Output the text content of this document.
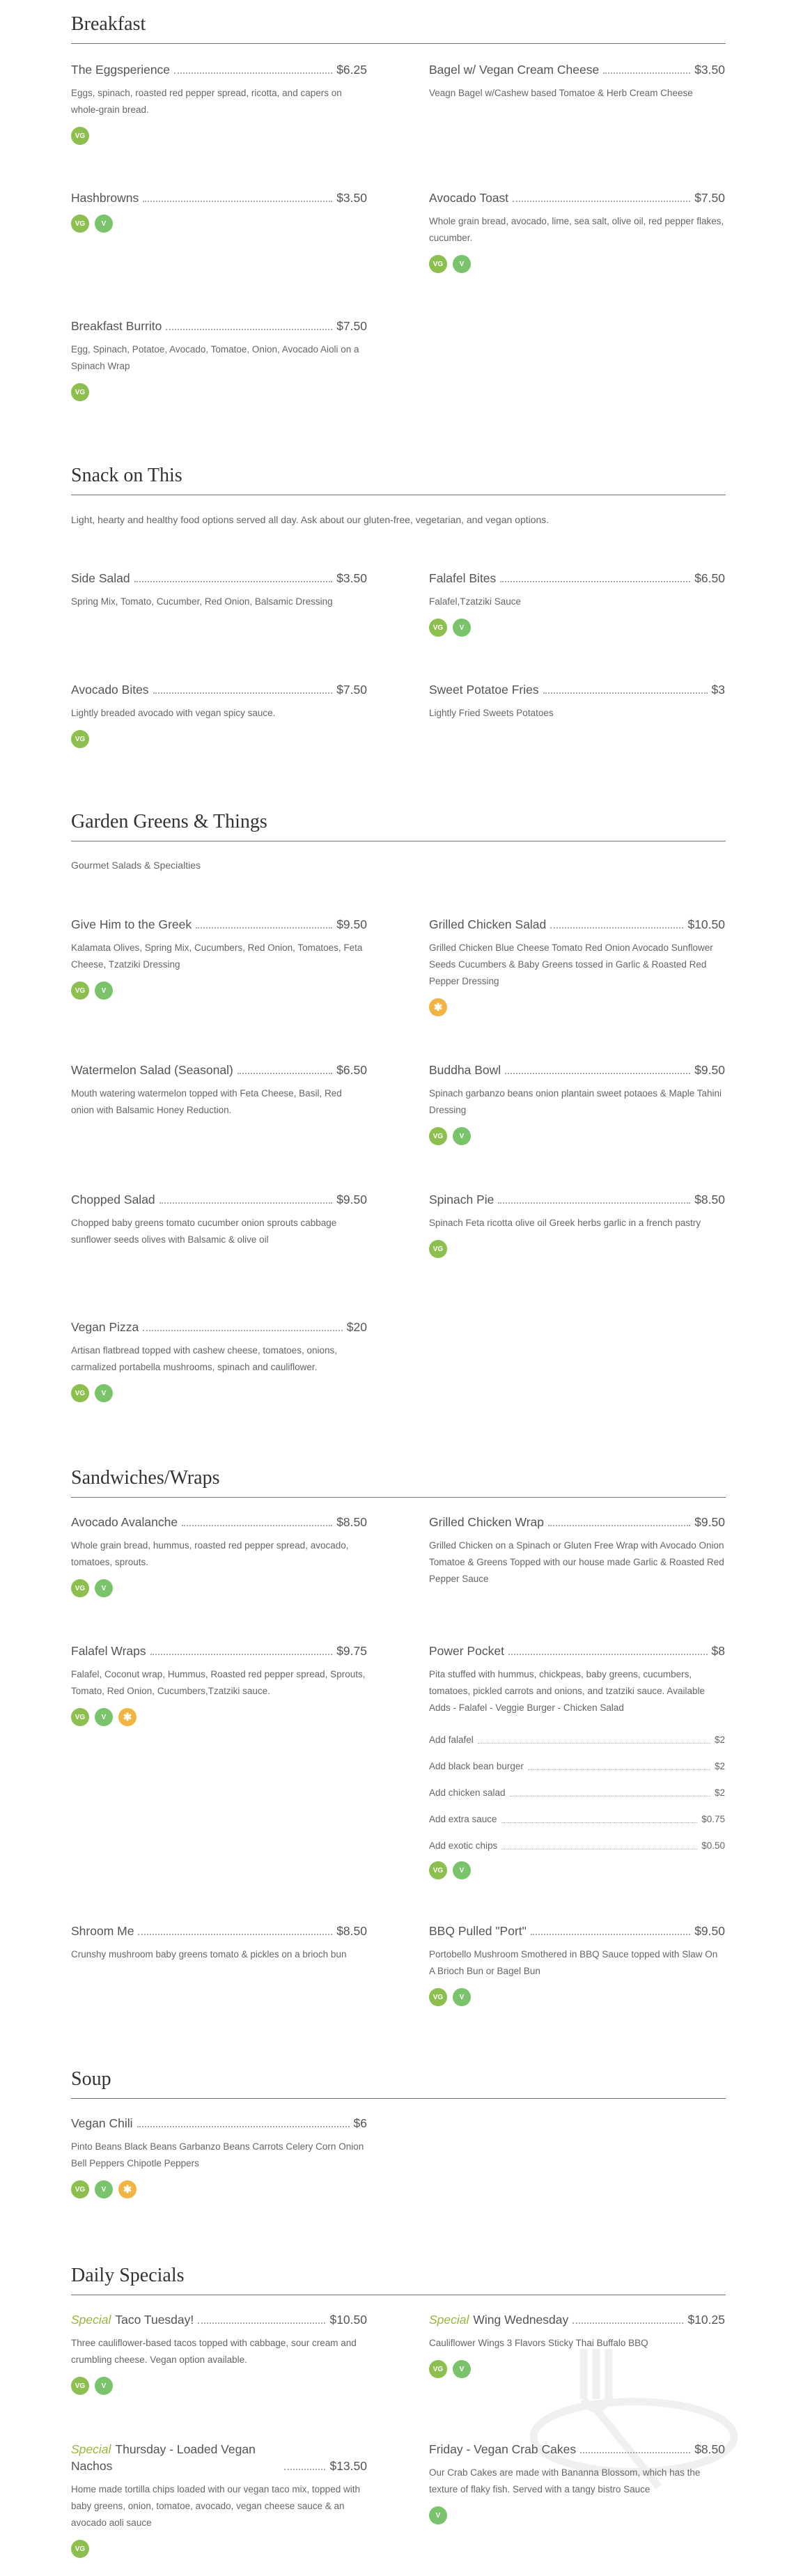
Breakfast
The Eggsperience	$6.25
Eggs, spinach, roasted red pepper spread, ricotta, and capers on whole-grain bread.
VG
Bagel w/ Vegan Cream Cheese	$3.50
Veagn Bagel w/Cashew based Tomatoe & Herb Cream Cheese
Hashbrowns	$3.50
VG	V
Avocado Toast	$7.50
Whole grain bread, avocado, lime, sea salt, olive oil, red pepper flakes, cucumber.
VG	V
Breakfast Burrito	$7.50
Egg, Spinach, Potatoe, Avocado, Tomatoe, Onion, Avocado Aioli on a Spinach Wrap
VG
Snack on This

Light, hearty and healthy food options served all day. Ask about our gluten-free, vegetarian, and vegan options.

Side Salad	$3.50
Spring Mix, Tomato, Cucumber, Red Onion, Balsamic Dressing
Falafel Bites	$6.50
Falafel,Tzatziki Sauce
VG	V
Avocado Bites	$7.50
Lightly breaded avocado with vegan spicy sauce.
VG
Sweet Potatoe Fries	$3
Lightly Fried Sweets Potatoes
Garden Greens & Things

Gourmet Salads & Specialties

Give Him to the Greek	$9.50
Kalamata Olives, Spring Mix, Cucumbers, Red Onion, Tomatoes, Feta Cheese, Tzatziki Dressing
VG	V
Grilled Chicken Salad	$10.50
Grilled Chicken Blue Cheese Tomato Red Onion Avocado Sunflower Seeds Cucumbers & Baby Greens tossed in Garlic & Roasted Red Pepper Dressing
✱
Watermelon Salad (Seasonal)	$6.50
Mouth watering watermelon topped with Feta Cheese, Basil, Red onion with Balsamic Honey Reduction.
Buddha Bowl	$9.50
Spinach garbanzo beans onion plantain sweet potaoes & Maple Tahini Dressing
VG	V
Chopped Salad	$9.50
Chopped baby greens tomato cucumber onion sprouts cabbage sunflower seeds olives with Balsamic & olive oil
Spinach Pie	$8.50
Spinach Feta ricotta olive oil Greek herbs garlic in a french pastry
VG
Vegan Pizza	$20
Artisan flatbread topped with cashew cheese, tomatoes, onions, carmalized portabella mushrooms, spinach and cauliflower.
VG	V
Sandwiches/Wraps
Avocado Avalanche	$8.50
Whole grain bread, hummus, roasted red pepper spread, avocado, tomatoes, sprouts.
VG	V
Grilled Chicken Wrap	$9.50
Grilled Chicken on a Spinach or Gluten Free Wrap with Avocado Onion Tomatoe & Greens Topped with our house made Garlic & Roasted Red Pepper Sauce
Falafel Wraps	$9.75
Falafel, Coconut wrap, Hummus, Roasted red pepper spread, Sprouts, Tomato, Red Onion, Cucumbers,Tzatziki sauce.
VG	V	✱
Power Pocket	$8
Pita stuffed with hummus, chickpeas, baby greens, cucumbers, tomatoes, pickled carrots and onions, and tzatziki sauce. Available Adds - Falafel - Veggie Burger - Chicken Salad
Add falafel	$2
Add black bean burger	$2
Add chicken salad	$2
Add extra sauce	$0.75
Add exotic chips	$0.50
VG	V
Shroom Me	$8.50
Crunshy mushroom baby greens tomato & pickles on a brioch bun
BBQ Pulled "Port"	$9.50
Portobello Mushroom Smothered in BBQ Sauce topped with Slaw On A Brioch Bun or Bagel Bun
VG	V
Soup
Vegan Chili	$6
Pinto Beans Black Beans Garbanzo Beans Carrots Celery Corn Onion Bell Peppers Chipotle Peppers
VG	V	✱
Daily Specials
Special Taco Tuesday!	$10.50
Three cauliflower-based tacos topped with cabbage, sour cream and crumbling cheese. Vegan option available.
VG	V
Special Wing Wednesday	$10.25
Cauliflower Wings 3 Flavors Sticky Thai Buffalo BBQ
VG	V
Special Thursday - Loaded Vegan Nachos	$13.50
Home made tortilla chips loaded with our vegan taco mix, topped with baby greens, onion, tomatoe, avocado, vegan cheese sauce & an avocado aoli sauce
VG
Friday - Vegan Crab Cakes	$8.50
Our Crab Cakes are made with Bananna Blossom, which has the texture of flaky fish. Served with a tangy bistro Sauce
V
